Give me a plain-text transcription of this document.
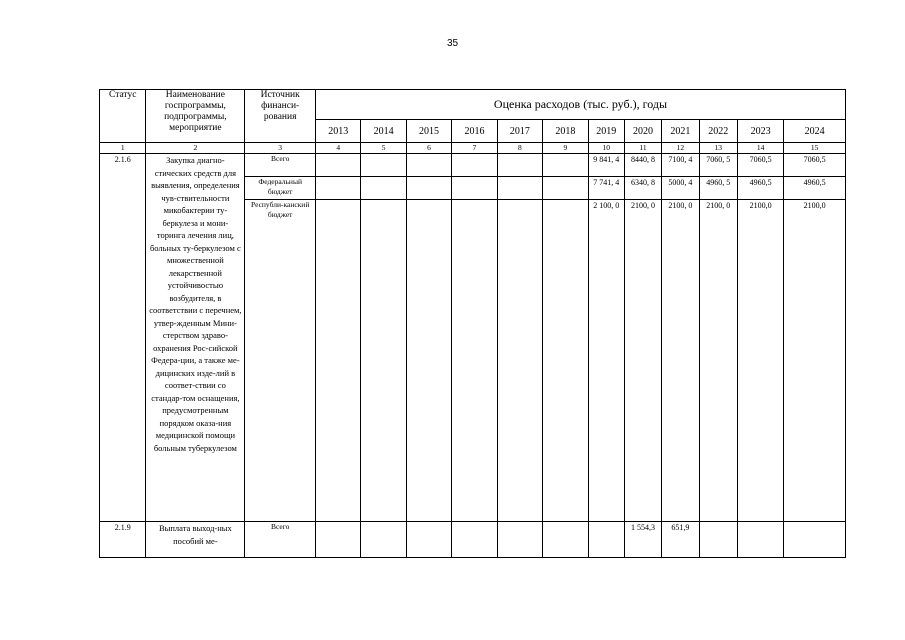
35
Статус	Наименование госпрограммы, подпрограммы, мероприятие	Источник финанси-рования	Оценка расходов (тыс. руб.), годы											
			2013	2014	2015	2016	2017	2018	2019	2020	2021	2022	2023	2024
1	2	3	4	5	6	7	8	9	10	11	12	13	14	15
2.1.6	Закупка диагно-стических средств для выявления, определения чув-ствительности микобактерии ту-беркулеза и мони-торинга лечения лиц, больных ту-беркулезом с множественной лекарственной устойчивостью возбудителя, в соответствии с перечнем, утвер-жденным Мини-стерством здраво-охранения Рос-сийской Федера-ции, а также ме-дицинских изде-лий в соответ-ствии со стандар-том оснащения, предусмотренным порядком оказа-ния медицинской помощи больным туберкулезом	Всего							9 841, 4	8440, 8	7100, 4	7060, 5	7060,5	7060,5
		Федеральный бюджет							7 741, 4	6340, 8	5000, 4	4960, 5	4960,5	4960,5
		Республи-канский бюджет							2 100, 0	2100, 0	2100, 0	2100, 0	2100,0	2100,0
2.1.9	Выплата выход-ных пособий ме-	Всего								1 554,3	651,9			
